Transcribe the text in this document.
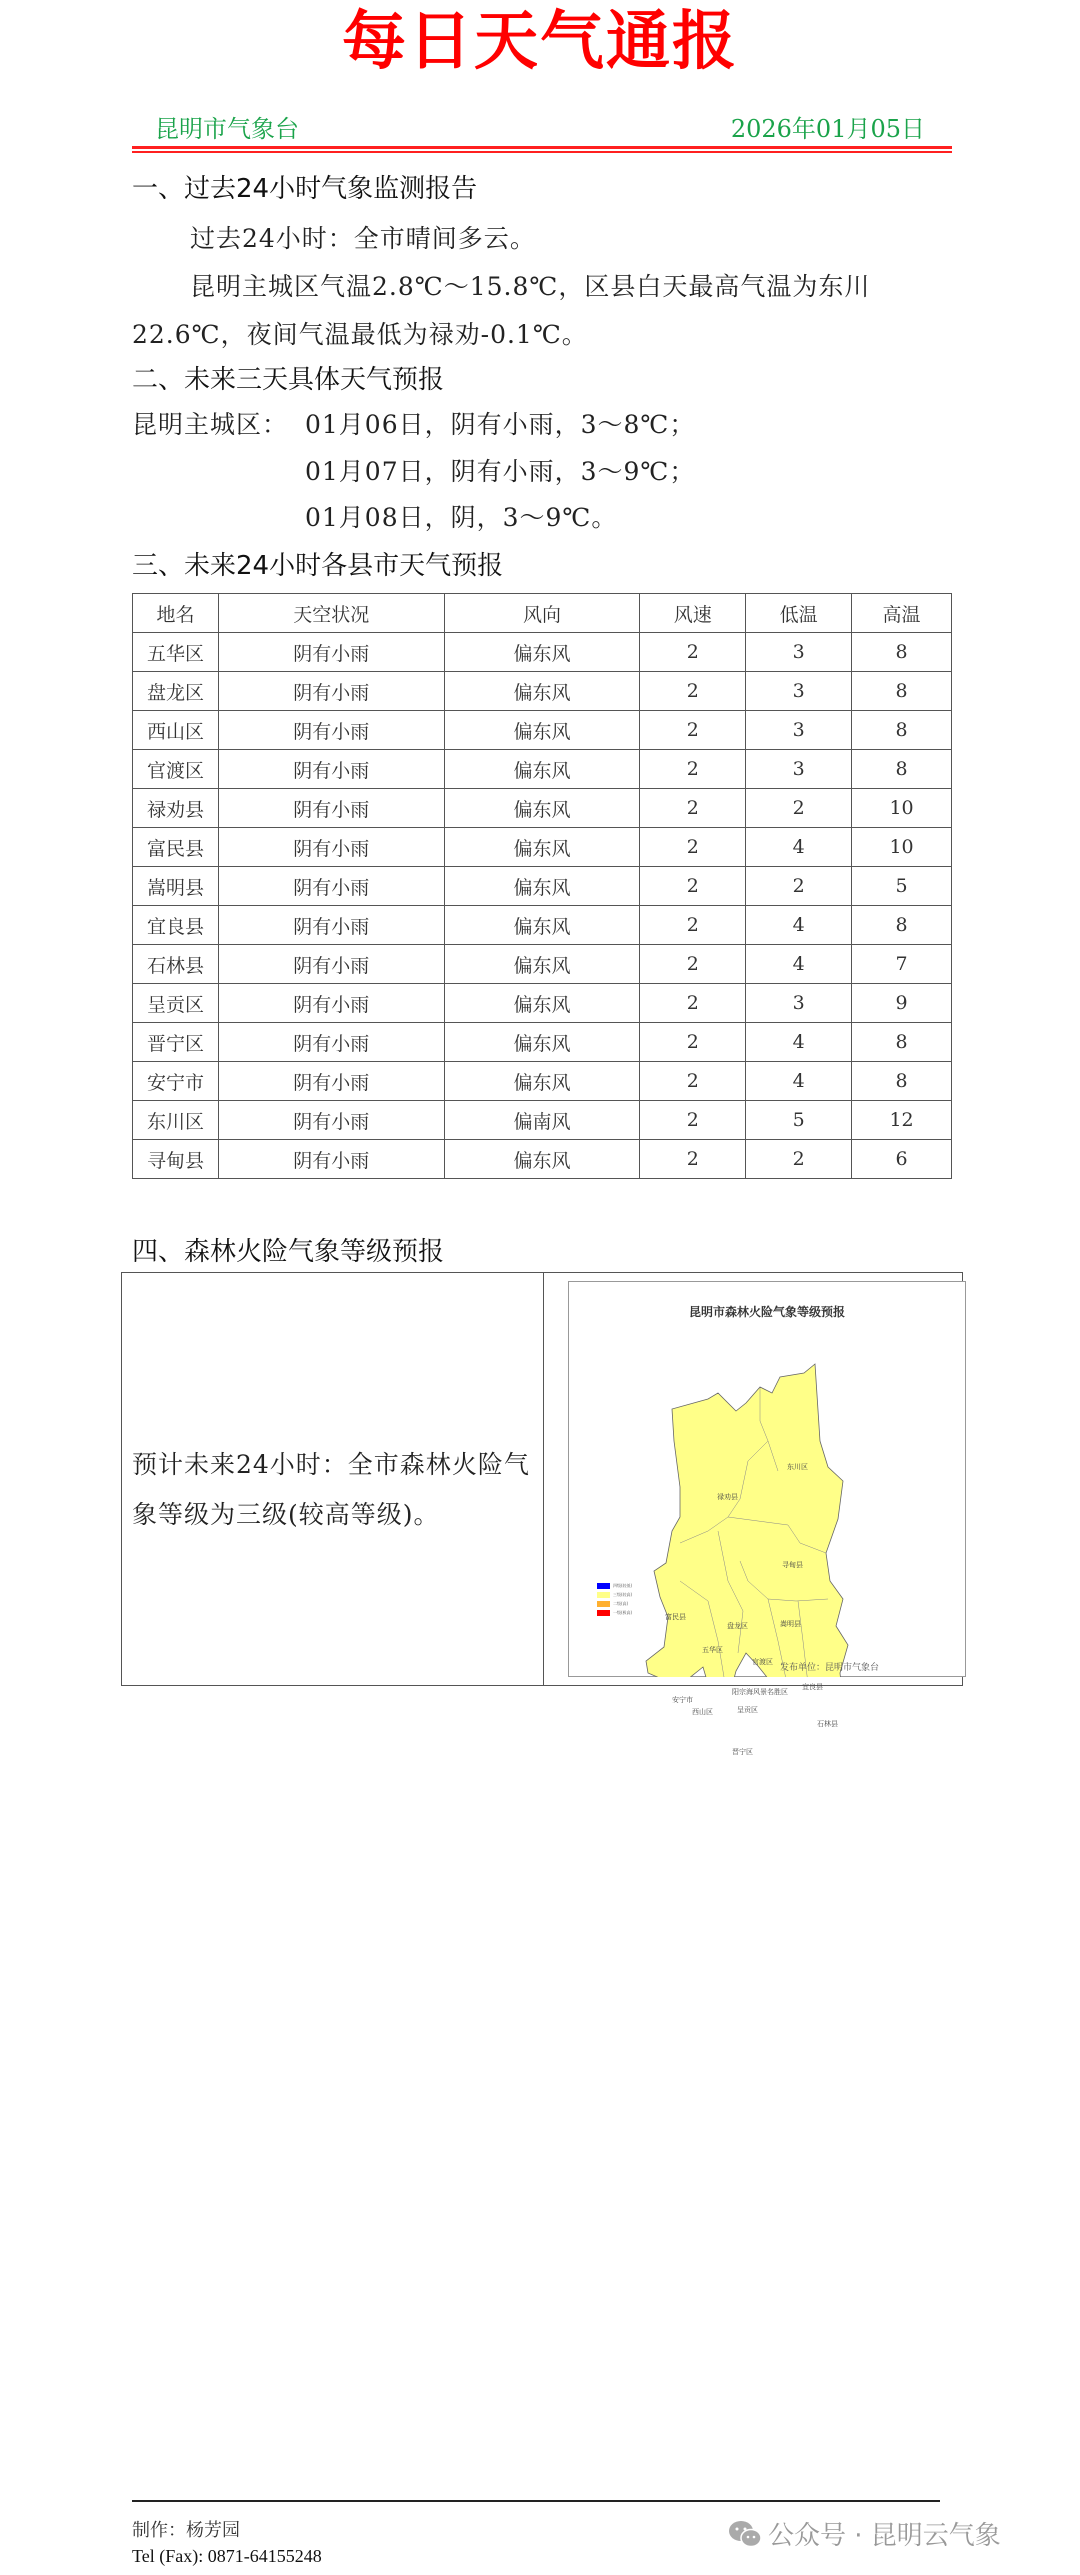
每日天气通报
昆明市气象台	2026年01月05日
一、过去24小时气象监测报告
过去24小时：全市晴间多云。
昆明主城区气温2.8℃～15.8℃，区县白天最高气温为东川
22.6℃，夜间气温最低为禄劝-0.1℃。
二、未来三天具体天气预报
昆明主城区： 01月06日，阴有小雨，3～8℃；
01月07日，阴有小雨，3～9℃；
01月08日，阴，3～9℃。
三、未来24小时各县市天气预报
地名	天空状况	风向	风速	低温	高温
五华区	阴有小雨	偏东风	2	3	8
盘龙区	阴有小雨	偏东风	2	3	8
西山区	阴有小雨	偏东风	2	3	8
官渡区	阴有小雨	偏东风	2	3	8
禄劝县	阴有小雨	偏东风	2	2	10
富民县	阴有小雨	偏东风	2	4	10
嵩明县	阴有小雨	偏东风	2	2	5
宜良县	阴有小雨	偏东风	2	4	8
石林县	阴有小雨	偏东风	2	4	7
呈贡区	阴有小雨	偏东风	2	3	9
晋宁区	阴有小雨	偏东风	2	4	8
安宁市	阴有小雨	偏东风	2	4	8
东川区	阴有小雨	偏南风	2	5	12
寻甸县	阴有小雨	偏东风	2	2	6
四、森林火险气象等级预报
预计未来24小时：全市森林火险气象等级为三级(较高等级)。
昆明市森林火险气象等级预报
东川区
禄劝县
寻甸县
富民县
盘龙区	嵩明县
五华区
官渡区
阳宗海风景名胜区
宜良县
安宁市
西山区	呈贡区
石林县
晋宁区
发布单位：昆明市气象台
四级(较低)
三级(较高)
二级(高)
一级(极高)
制作：杨芳园
Tel (Fax): 0871-64155248
公众号 · 昆明云气象
